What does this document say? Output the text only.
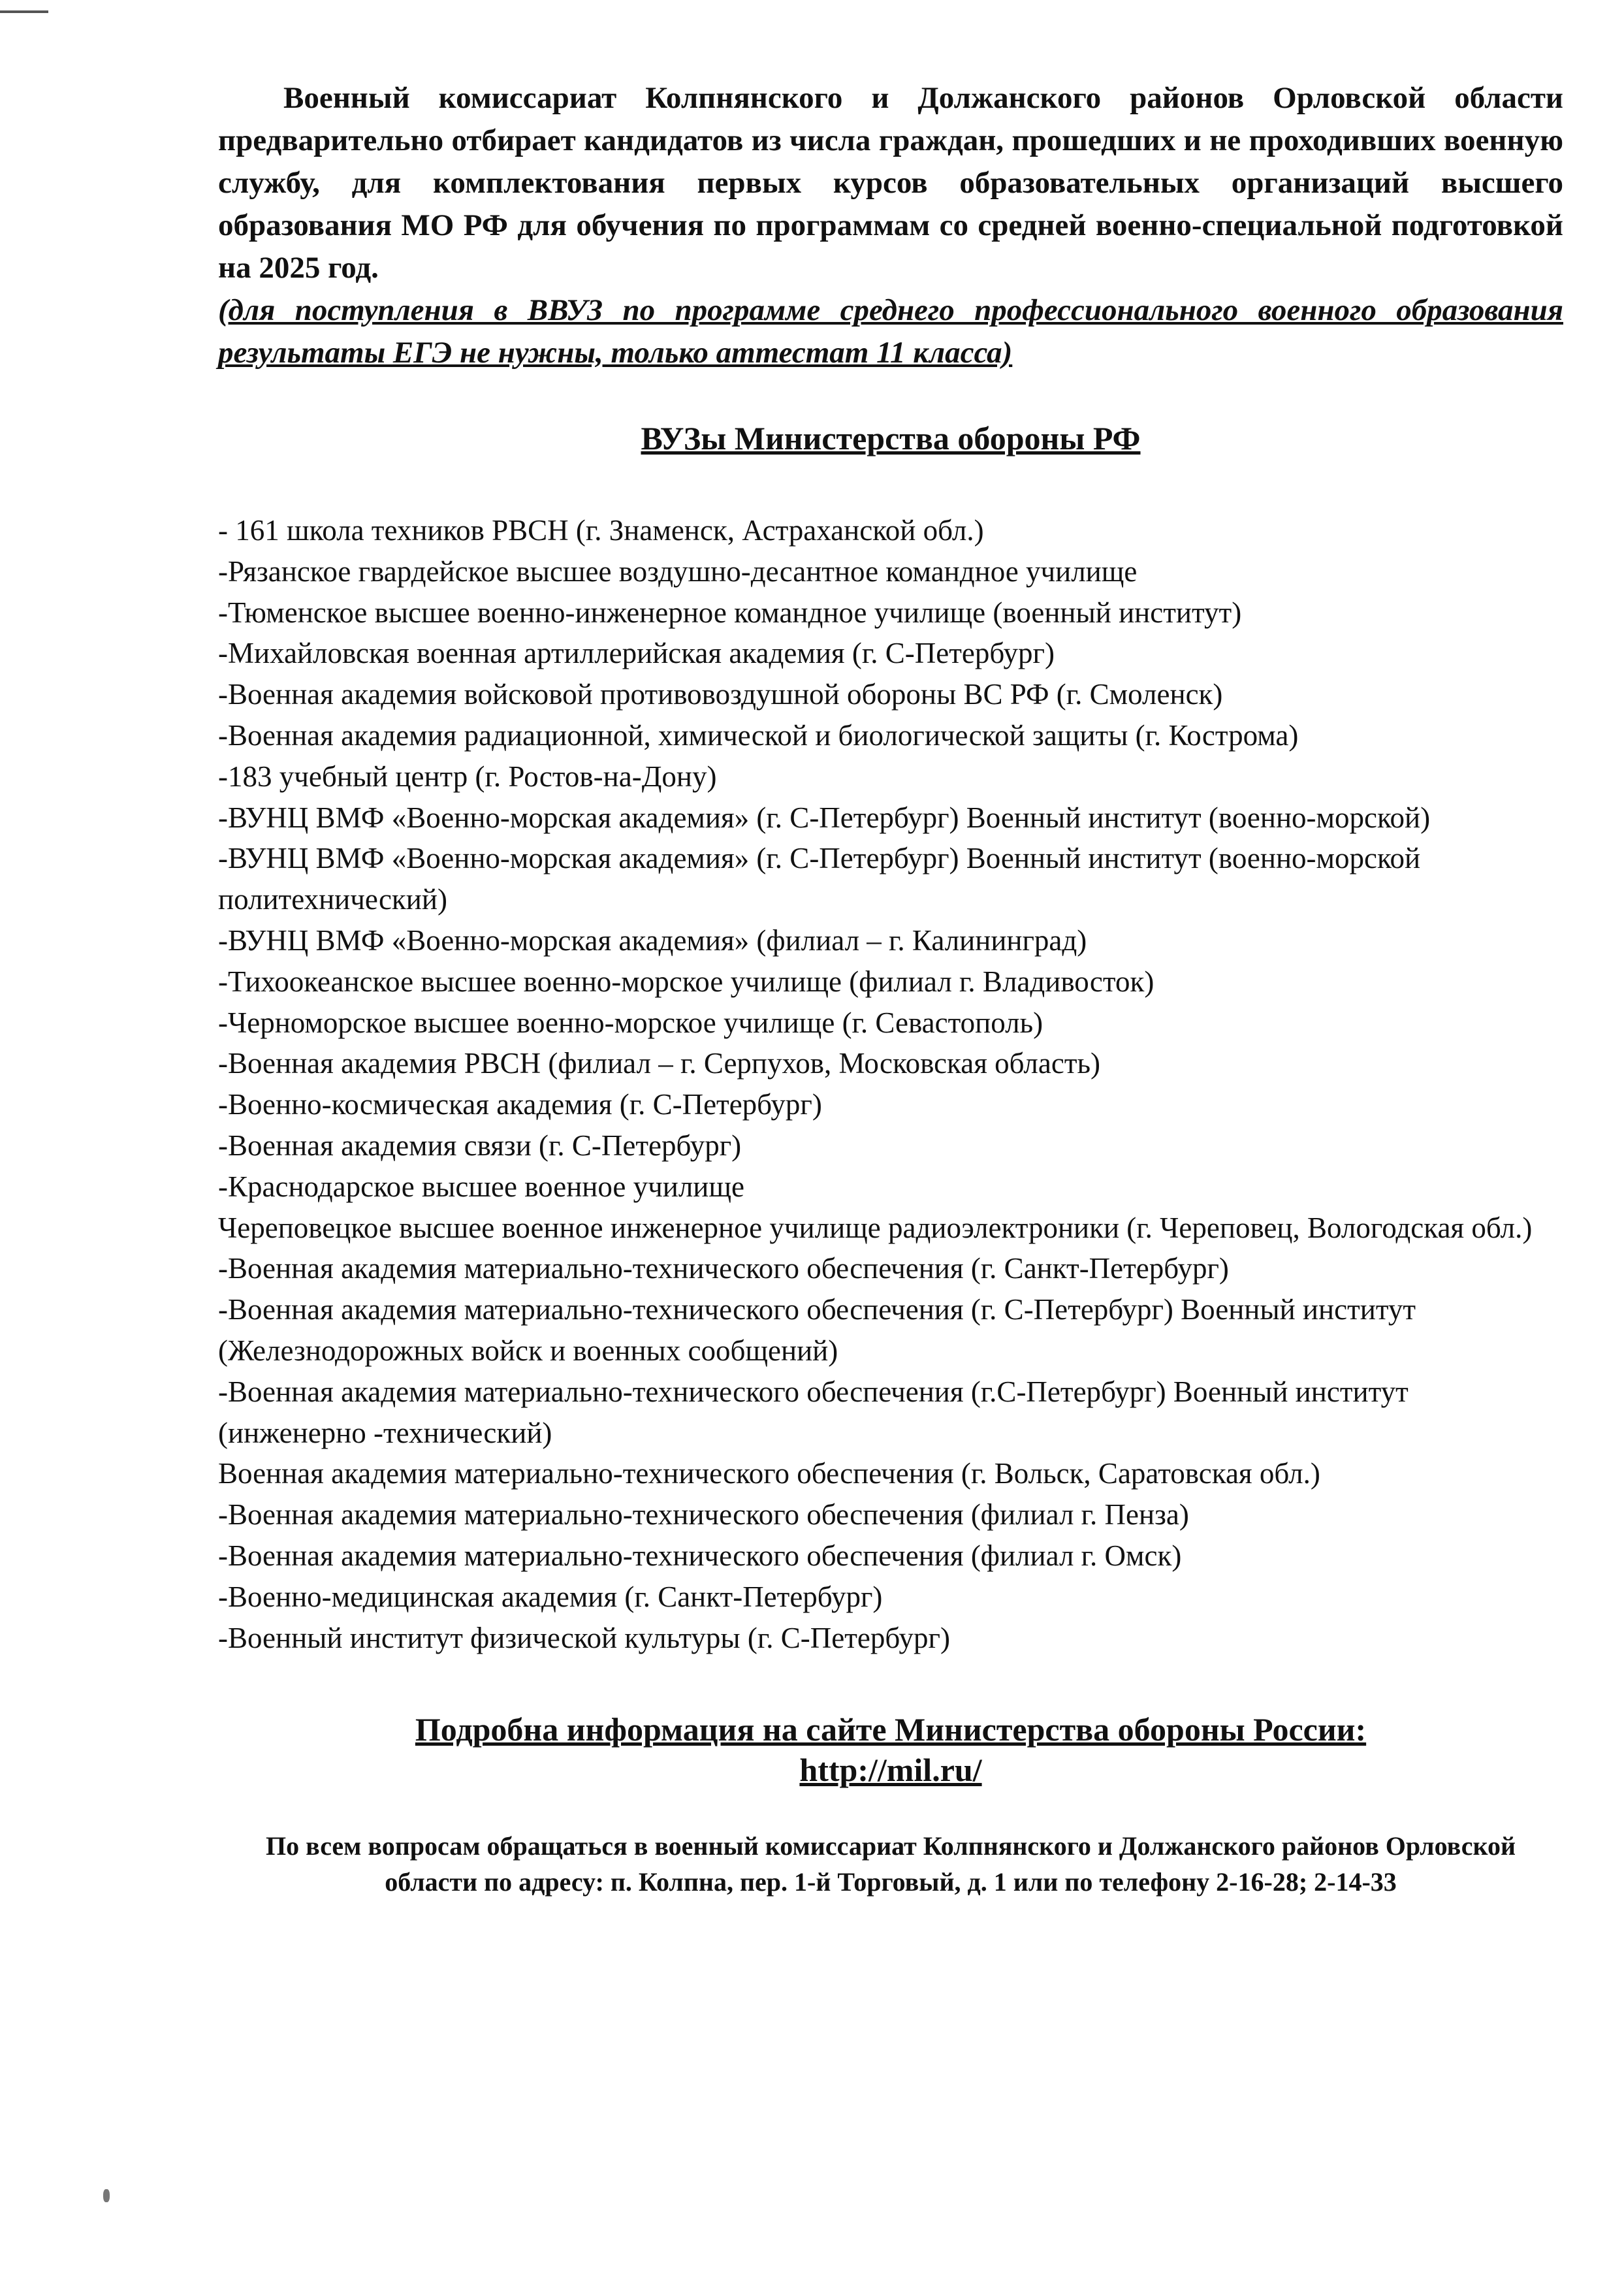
Военный комиссариат Колпнянского и Должанского районов Орловской области предварительно отбирает кандидатов из числа граждан, прошедших и не проходивших военную службу, для комплектования первых курсов образовательных организаций высшего образования МО РФ для обучения по программам со средней военно-специальной подготовкой на 2025 год.

(для поступления в ВВУЗ по программе среднего профессионального военного образования результаты ЕГЭ не нужны, только аттестат 11 класса)

ВУЗы Министерства обороны РФ
- 161 школа техников РВСН (г. Знаменск, Астраханской обл.)
-Рязанское гвардейское высшее воздушно-десантное командное училище
-Тюменское высшее военно-инженерное командное училище (военный институт)
-Михайловская военная артиллерийская академия (г. С-Петербург)
-Военная академия войсковой противовоздушной обороны ВС РФ (г. Смоленск)
-Военная академия радиационной, химической и биологической защиты (г. Кострома)
-183 учебный центр (г. Ростов-на-Дону)
-ВУНЦ ВМФ «Военно-морская академия» (г. С-Петербург) Военный институт (военно-морской)
-ВУНЦ ВМФ «Военно-морская академия» (г. С-Петербург) Военный институт (военно-морской политехнический)
-ВУНЦ ВМФ «Военно-морская академия» (филиал – г. Калининград)
-Тихоокеанское высшее военно-морское училище (филиал г. Владивосток)
-Черноморское высшее военно-морское училище (г. Севастополь)
-Военная академия РВСН (филиал – г. Серпухов, Московская область)
-Военно-космическая академия (г. С-Петербург)
-Военная академия связи (г. С-Петербург)
-Краснодарское высшее военное училище
Череповецкое высшее военное инженерное училище радиоэлектроники (г. Череповец, Вологодская обл.)
-Военная академия материально-технического обеспечения (г. Санкт-Петербург)
-Военная академия материально-технического обеспечения (г. С-Петербург) Военный институт (Железнодорожных войск и военных сообщений)
-Военная академия материально-технического обеспечения (г.С-Петербург) Военный институт (инженерно -технический)
Военная академия материально-технического обеспечения (г. Вольск, Саратовская обл.)
-Военная академия материально-технического обеспечения (филиал г. Пенза)
-Военная академия материально-технического обеспечения (филиал г. Омск)
-Военно-медицинская академия (г. Санкт-Петербург)
-Военный институт физической культуры (г. С-Петербург)

Подробна информация на сайте Министерства обороны России:

http://mil.ru/

По всем вопросам обращаться в военный комиссариат Колпнянского и Должанского районов Орловской области по адресу: п. Колпна, пер. 1-й Торговый, д. 1 или по телефону 2-16-28; 2-14-33
